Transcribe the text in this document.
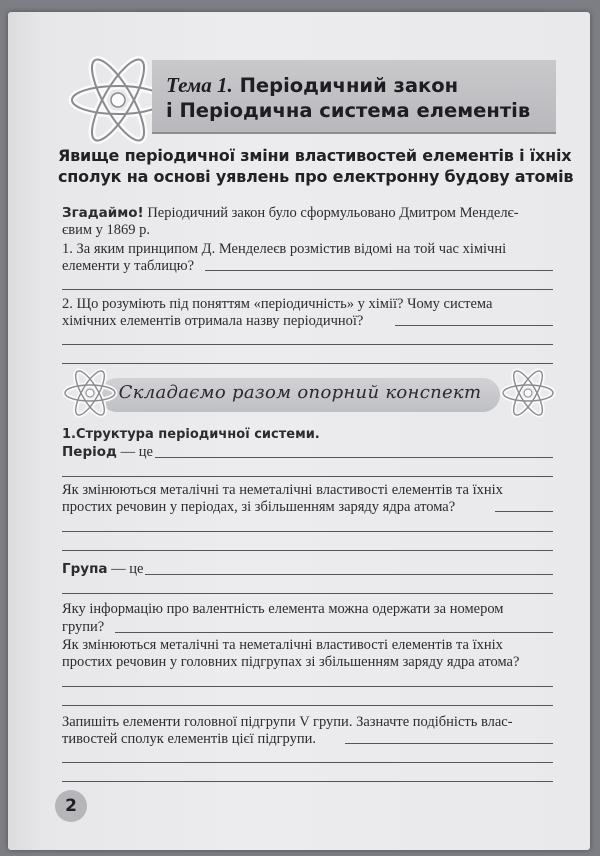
Тема 1. Періодичний закон
і Періодична система елементів
Явище періодичної зміни властивостей елементів і їхніх
сполук на основі уявлень про електронну будову атомів
Згадаймо! Періодичний закон було сформульовано Дмитром Менделє-
євим у 1869 р.
1. За яким принципом Д. Менделеєв розмістив відомі на той час хімічні
елементи у таблицю?
2. Що розуміють під поняттям «періодичність» у хімії? Чому система
хімічних елементів отримала назву періодичної?
Складаємо разом опорний конспект
1.Структура періодичної системи.
Період — це
Як змінюються металічні та неметалічні властивості елементів та їхніх
простих речовин у періодах, зі збільшенням заряду ядра атома?
Група — це
Яку інформацію про валентність елемента можна одержати за номером
групи?
Як змінюються металічні та неметалічні властивості елементів та їхніх
простих речовин у головних підгрупах зі збільшенням заряду ядра атома?
Запишіть елементи головної підгрупи V групи. Зазначте подібність влас-
тивостей сполук елементів цієї підгрупи.
2
